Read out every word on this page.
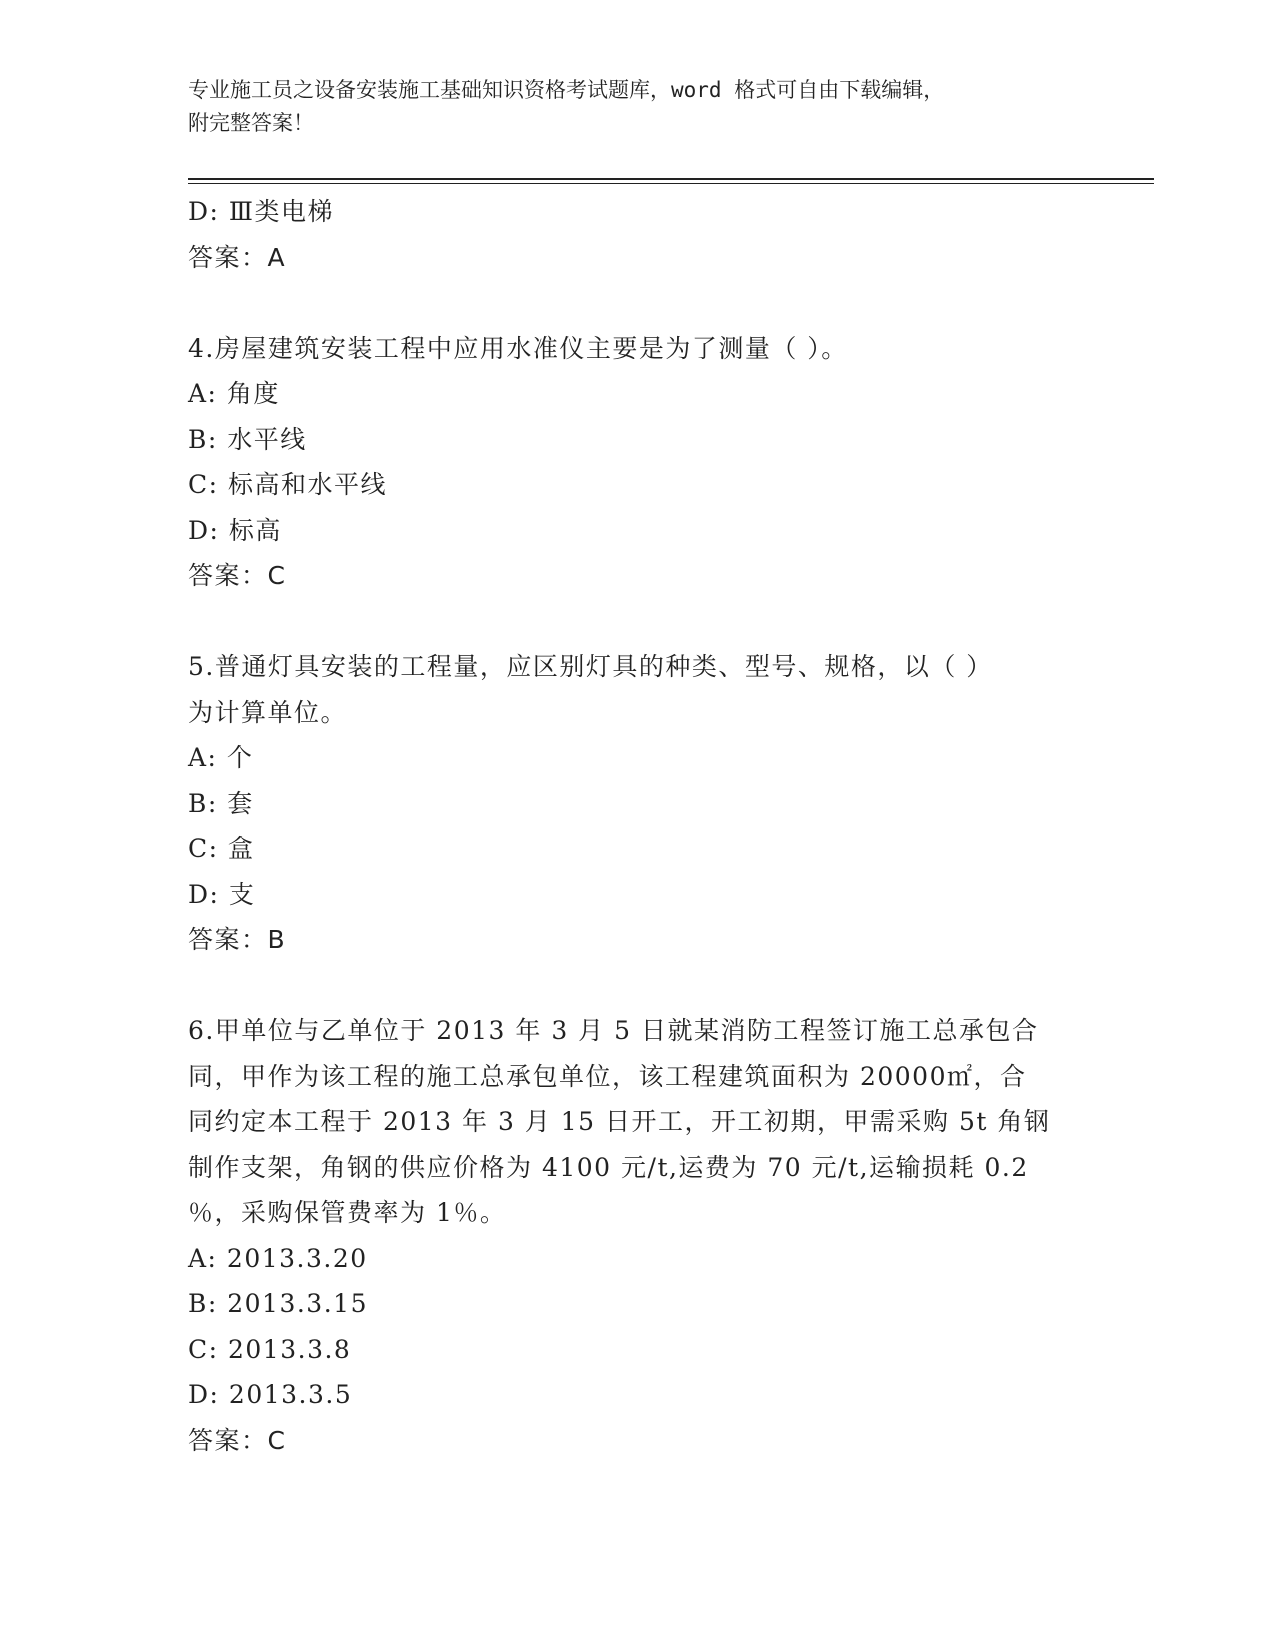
专业施工员之设备安装施工基础知识资格考试题库，word 格式可自由下载编辑，
附完整答案！
D: Ⅲ类电梯
答案：A
4.房屋建筑安装工程中应用水准仪主要是为了测量（ ）。
A: 角度
B: 水平线
C: 标高和水平线
D: 标高
答案：C
5.普通灯具安装的工程量，应区别灯具的种类、型号、规格，以（ ）
为计算单位。
A: 个
B: 套
C: 盒
D: 支
答案：B
6.甲单位与乙单位于 2013 年 3 月 5 日就某消防工程签订施工总承包合
同，甲作为该工程的施工总承包单位，该工程建筑面积为 20000㎡，合
同约定本工程于 2013 年 3 月 15 日开工，开工初期，甲需采购 5t 角钢
制作支架，角钢的供应价格为 4100 元/t,运费为 70 元/t,运输损耗 0.2
％，采购保管费率为 1％。
A: 2013.3.20
B: 2013.3.15
C: 2013.3.8
D: 2013.3.5
答案：C
